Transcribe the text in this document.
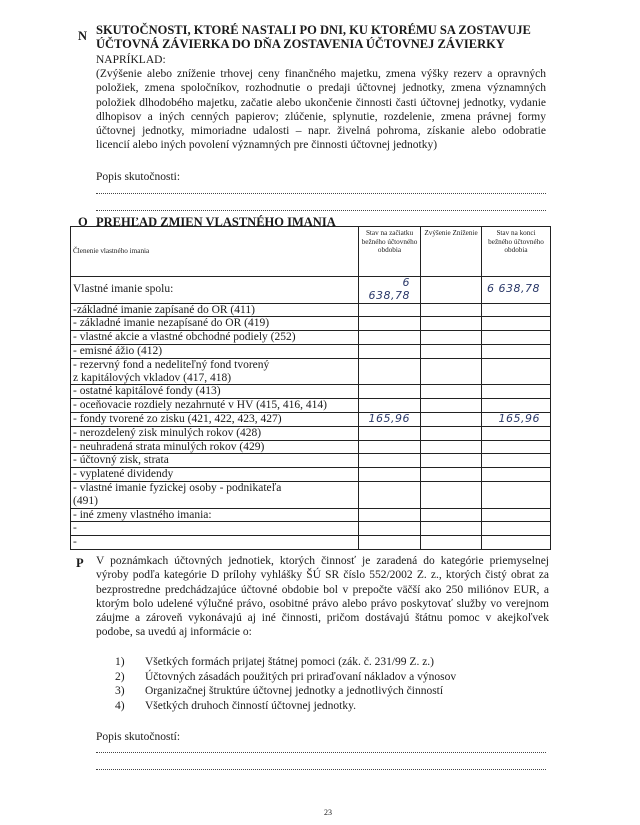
N SKUTOČNOSTI, KTORÉ NASTALI PO DNI, KU KTORÉMU SA ZOSTAVUJE
ÚČTOVNÁ ZÁVIERKA DO DŇA ZOSTAVENIA ÚČTOVNEJ ZÁVIERKY
NAPRÍKLAD:
(Zvýšenie alebo zníženie trhovej ceny finančného majetku, zmena výšky rezerv a opravných položiek, zmena spoločníkov, rozhodnutie o predaji účtovnej jednotky, zmena významných položiek dlhodobého majetku, začatie alebo ukončenie činnosti časti účtovnej jednotky, vydanie dlhopisov a iných cenných papierov; zlúčenie, splynutie, rozdelenie, zmena právnej formy účtovnej jednotky, mimoriadne udalosti – napr. živelná pohroma, získanie alebo odobratie licencií alebo iných povolení významných pre činnosti účtovnej jednotky)
Popis skutočnosti:
O PREHĽAD ZMIEN VLASTNÉHO IMANIA
Členenie vlastného imania	Stav na začiatku bežného účtovného obdobia	Zvýšenie Zníženie	Stav na konci bežného účtovného obdobia
Vlastné imanie spolu:	6 638,78		6 638,78
-základné imanie zapísané do OR (411)			
- základné imanie nezapísané do OR (419)			
- vlastné akcie a vlastné obchodné podiely (252)			
- emisné ážio (412)			
- rezervný fond a nedeliteľný fond tvorený
z kapitálových vkladov (417, 418)			
- ostatné kapitálové fondy (413)			
- oceňovacie rozdiely nezahrnuté v HV (415, 416, 414)			
- fondy tvorené zo zisku (421, 422, 423, 427)	165,96		165,96
- nerozdelený zisk minulých rokov (428)			
- neuhradená strata minulých rokov (429)			
- účtovný zisk, strata			
- vyplatené dividendy			
- vlastné imanie fyzickej osoby - podnikateľa
(491)			
- iné zmeny vlastného imania:			
-			
-			
P V poznámkach účtovných jednotiek, ktorých činnosť je zaradená do kategórie priemyselnej výroby podľa kategórie D prílohy vyhlášky ŠÚ SR číslo 552/2002 Z. z., ktorých čistý obrat za bezprostredne predchádzajúce účtovné obdobie bol v prepočte väčší ako 250 miliónov EUR, a ktorým bolo udelené výlučné právo, osobitné právo alebo právo poskytovať služby vo verejnom záujme a zároveň vykonávajú aj iné činnosti, pričom dostávajú štátnu pomoc v akejkoľvek podobe, sa uvedú aj informácie o:
1) Všetkých formách prijatej štátnej pomoci (zák. č. 231/99 Z. z.)
2) Účtovných zásadách použitých pri priraďovaní nákladov a výnosov
3) Organizačnej štruktúre účtovnej jednotky a jednotlivých činností
4) Všetkých druhoch činností účtovnej jednotky.
Popis skutočností:
23
